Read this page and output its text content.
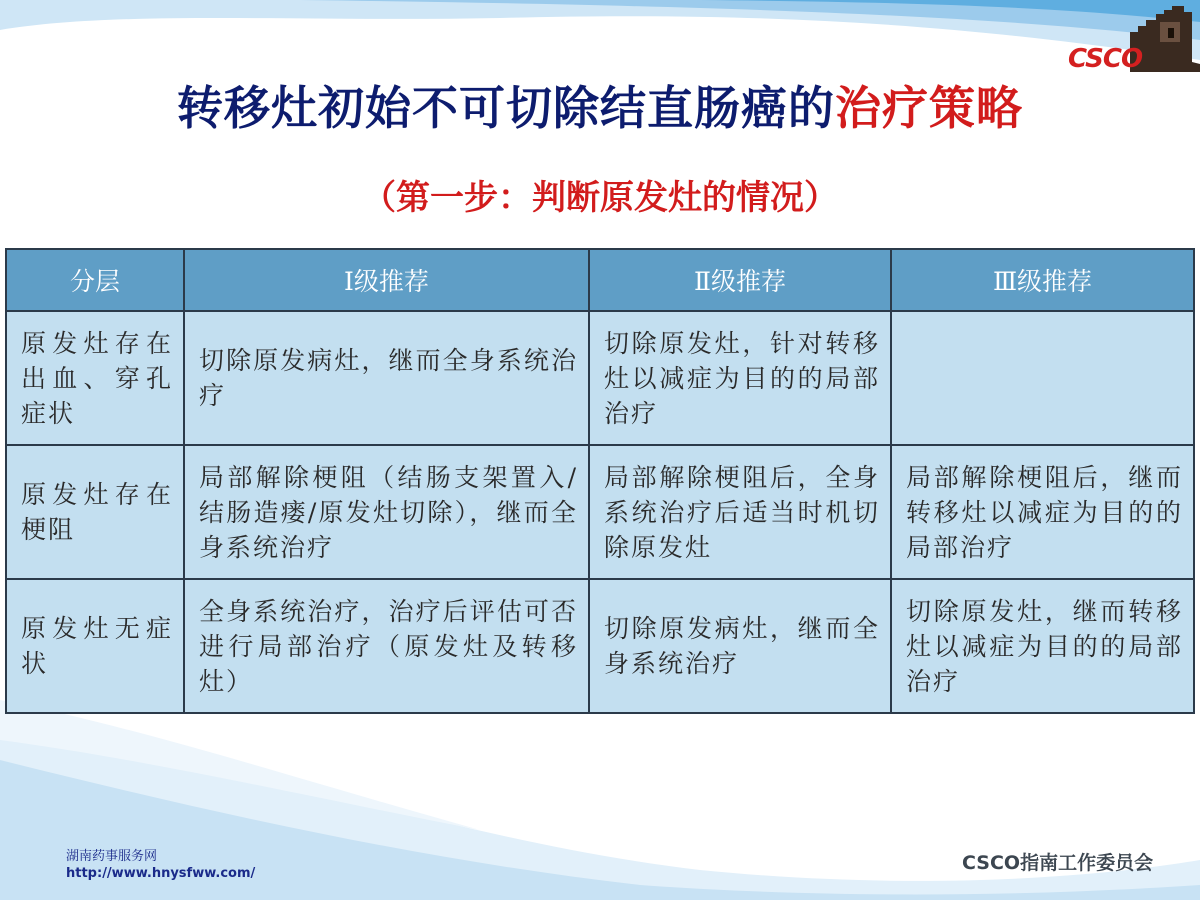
CSCO
转移灶初始不可切除结直肠癌的治疗策略
（第一步：判断原发灶的情况）
分层	Ⅰ级推荐	Ⅱ级推荐	Ⅲ级推荐
原发灶存在出血、穿孔症状	切除原发病灶，继而全身系统治疗	切除原发灶，针对转移灶以减症为目的的局部治疗	
原发灶存在梗阻	局部解除梗阻（结肠支架置入/结肠造瘘/原发灶切除），继而全身系统治疗	局部解除梗阻后，全身系统治疗后适当时机切除原发灶	局部解除梗阻后，继而转移灶以减症为目的的局部治疗
原发灶无症状	全身系统治疗，治疗后评估可否进行局部治疗（原发灶及转移灶）	切除原发病灶，继而全身系统治疗	切除原发灶，继而转移灶以减症为目的的局部治疗
湖南药事服务网
http://www.hnysfww.com/	CSCO指南工作委员会
